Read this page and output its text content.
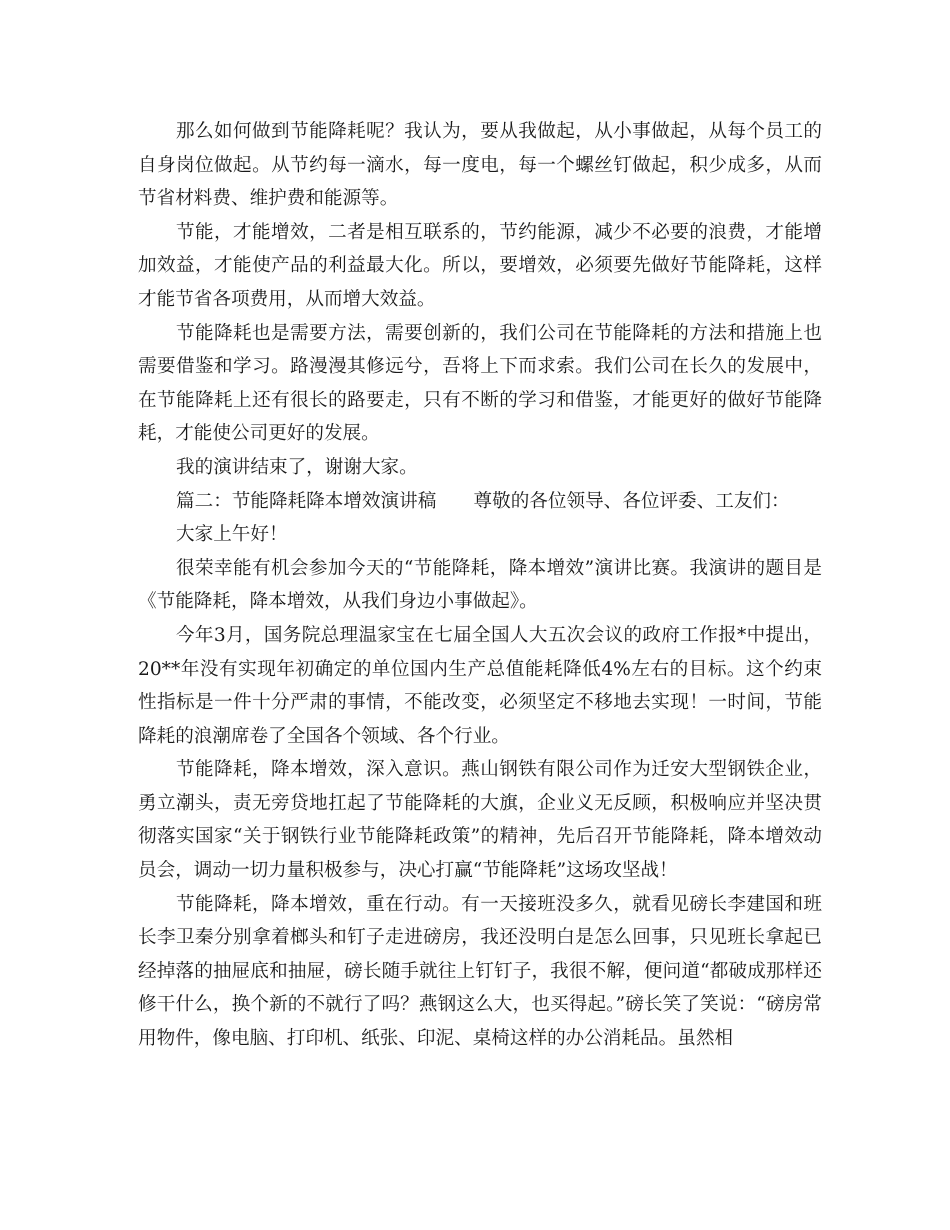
那么如何做到节能降耗呢？我认为，要从我做起，从小事做起，从每个员工的自身岗位做起。从节约每一滴水，每一度电，每一个螺丝钉做起，积少成多，从而节省材料费、维护费和能源等。

节能，才能增效，二者是相互联系的，节约能源，减少不必要的浪费，才能增加效益，才能使产品的利益最大化。所以，要增效，必须要先做好节能降耗，这样才能节省各项费用，从而增大效益。

节能降耗也是需要方法，需要创新的，我们公司在节能降耗的方法和措施上也需要借鉴和学习。路漫漫其修远兮，吾将上下而求索。我们公司在长久的发展中，在节能降耗上还有很长的路要走，只有不断的学习和借鉴，才能更好的做好节能降耗，才能使公司更好的发展。

我的演讲结束了，谢谢大家。

篇二：节能降耗降本增效演讲稿　　尊敬的各位领导、各位评委、工友们：

大家上午好！

很荣幸能有机会参加今天的“节能降耗，降本增效”演讲比赛。我演讲的题目是《节能降耗，降本增效，从我们身边小事做起》。

今年3月，国务院总理温家宝在七届全国人大五次会议的政府工作报*中提出，20**年没有实现年初确定的单位国内生产总值能耗降低4%左右的目标。这个约束性指标是一件十分严肃的事情，不能改变，必须坚定不移地去实现！一时间，节能降耗的浪潮席卷了全国各个领域、各个行业。

节能降耗，降本增效，深入意识。燕山钢铁有限公司作为迁安大型钢铁企业，勇立潮头，责无旁贷地扛起了节能降耗的大旗，企业义无反顾，积极响应并坚决贯彻落实国家“关于钢铁行业节能降耗政策”的精神，先后召开节能降耗，降本增效动员会，调动一切力量积极参与，决心打赢“节能降耗”这场攻坚战！

节能降耗，降本增效，重在行动。有一天接班没多久，就看见磅长李建国和班长李卫秦分别拿着榔头和钉子走进磅房，我还没明白是怎么回事，只见班长拿起已经掉落的抽屉底和抽屉，磅长随手就往上钉钉子，我很不解，便问道“都破成那样还修干什么，换个新的不就行了吗？燕钢这么大，也买得起。”磅长笑了笑说：“磅房常用物件，像电脑、打印机、纸张、印泥、桌椅这样的办公消耗品。虽然相
